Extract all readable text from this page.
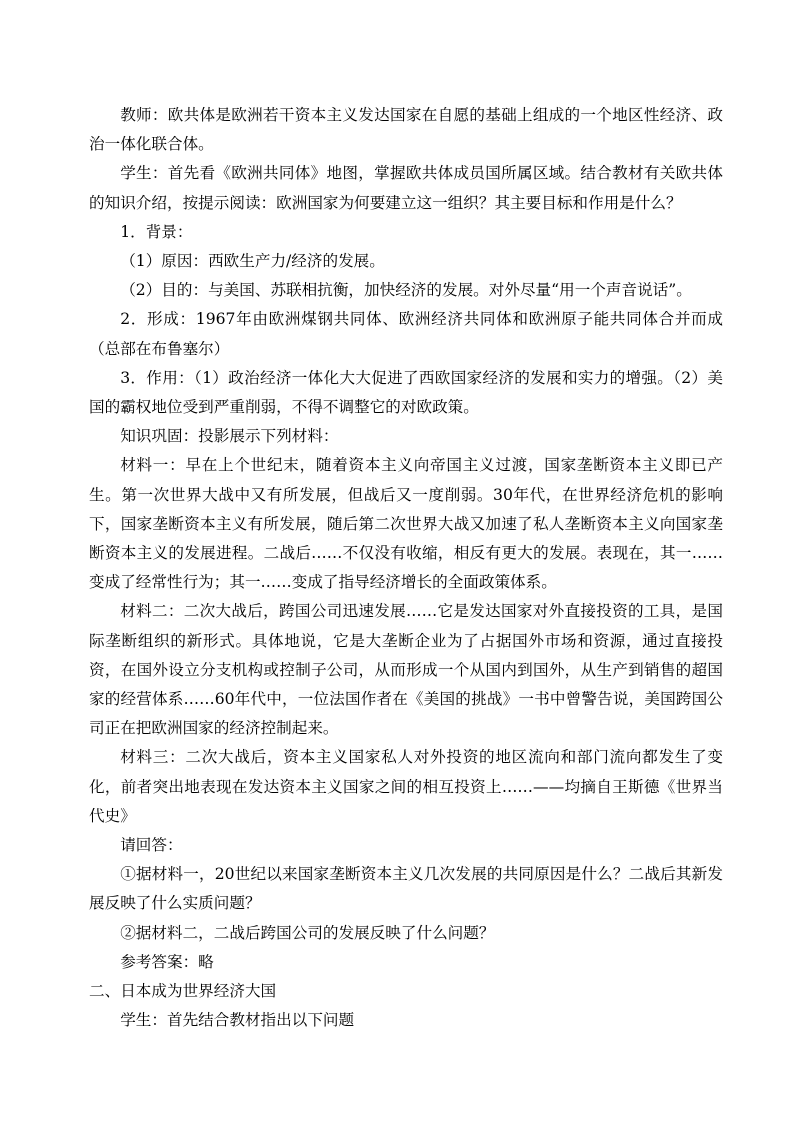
教师：欧共体是欧洲若干资本主义发达国家在自愿的基础上组成的一个地区性经济、政治一体化联合体。

学生：首先看《欧洲共同体》地图，掌握欧共体成员国所属区域。结合教材有关欧共体的知识介绍，按提示阅读：欧洲国家为何要建立这一组织？其主要目标和作用是什么？

1．背景：

（1）原因：西欧生产力/经济的发展。

（2）目的：与美国、苏联相抗衡，加快经济的发展。对外尽量“用一个声音说话”。

2．形成：1967年由欧洲煤钢共同体、欧洲经济共同体和欧洲原子能共同体合并而成（总部在布鲁塞尔）

3．作用：（1）政治经济一体化大大促进了西欧国家经济的发展和实力的增强。（2）美国的霸权地位受到严重削弱，不得不调整它的对欧政策。

知识巩固：投影展示下列材料：

材料一：早在上个世纪末，随着资本主义向帝国主义过渡，国家垄断资本主义即已产生。第一次世界大战中又有所发展，但战后又一度削弱。30年代，在世界经济危机的影响下，国家垄断资本主义有所发展，随后第二次世界大战又加速了私人垄断资本主义向国家垄断资本主义的发展进程。二战后……不仅没有收缩，相反有更大的发展。表现在，其一……变成了经常性行为；其一……变成了指导经济增长的全面政策体系。

材料二：二次大战后，跨国公司迅速发展……它是发达国家对外直接投资的工具，是国际垄断组织的新形式。具体地说，它是大垄断企业为了占据国外市场和资源，通过直接投资，在国外设立分支机构或控制子公司，从而形成一个从国内到国外，从生产到销售的超国家的经营体系……60年代中，一位法国作者在《美国的挑战》一书中曾警告说，美国跨国公司正在把欧洲国家的经济控制起来。

材料三：二次大战后，资本主义国家私人对外投资的地区流向和部门流向都发生了变化，前者突出地表现在发达资本主义国家之间的相互投资上……——均摘自王斯德《世界当代史》

请回答：

①据材料一，20世纪以来国家垄断资本主义几次发展的共同原因是什么？二战后其新发展反映了什么实质问题？

②据材料二，二战后跨国公司的发展反映了什么问题？

参考答案：略

二、日本成为世界经济大国

学生：首先结合教材指出以下问题
